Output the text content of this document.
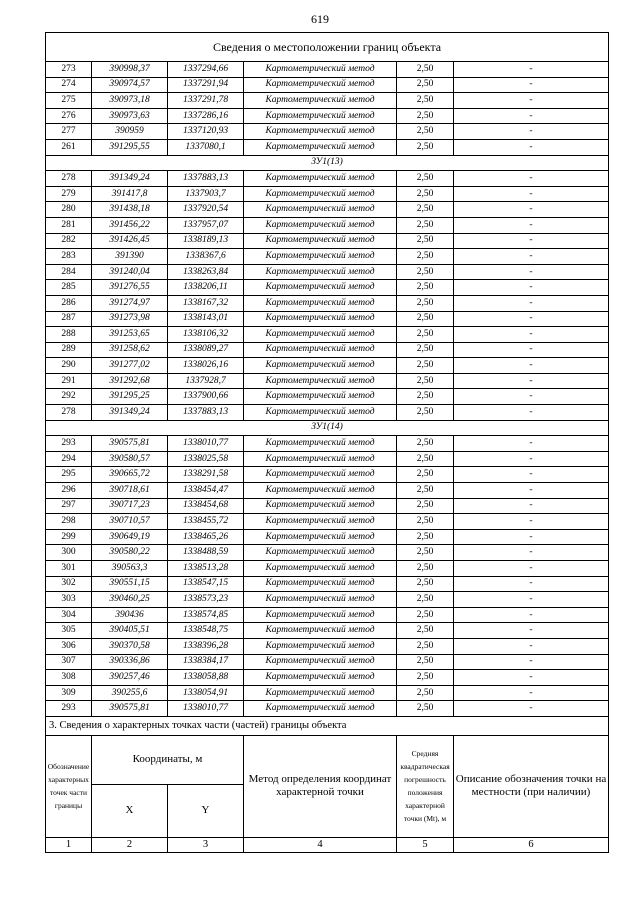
619
Сведения о местоположении границ объекта					
273	390998,37	1337294,66	Картометрический метод	2,50	-
274	390974,57	1337291,94	Картометрический метод	2,50	-
275	390973,18	1337291,78	Картометрический метод	2,50	-
276	390973,63	1337286,16	Картометрический метод	2,50	-
277	390959	1337120,93	Картометрический метод	2,50	-
261	391295,55	1337080,1	Картометрический метод	2,50	-
ЗУ1(13)					
278	391349,24	1337883,13	Картометрический метод	2,50	-
279	391417,8	1337903,7	Картометрический метод	2,50	-
280	391438,18	1337920,54	Картометрический метод	2,50	-
281	391456,22	1337957,07	Картометрический метод	2,50	-
282	391426,45	1338189,13	Картометрический метод	2,50	-
283	391390	1338367,6	Картометрический метод	2,50	-
284	391240,04	1338263,84	Картометрический метод	2,50	-
285	391276,55	1338206,11	Картометрический метод	2,50	-
286	391274,97	1338167,32	Картометрический метод	2,50	-
287	391273,98	1338143,01	Картометрический метод	2,50	-
288	391253,65	1338106,32	Картометрический метод	2,50	-
289	391258,62	1338089,27	Картометрический метод	2,50	-
290	391277,02	1338026,16	Картометрический метод	2,50	-
291	391292,68	1337928,7	Картометрический метод	2,50	-
292	391295,25	1337900,66	Картометрический метод	2,50	-
278	391349,24	1337883,13	Картометрический метод	2,50	-
ЗУ1(14)					
293	390575,81	1338010,77	Картометрический метод	2,50	-
294	390580,57	1338025,58	Картометрический метод	2,50	-
295	390665,72	1338291,58	Картометрический метод	2,50	-
296	390718,61	1338454,47	Картометрический метод	2,50	-
297	390717,23	1338454,68	Картометрический метод	2,50	-
298	390710,57	1338455,72	Картометрический метод	2,50	-
299	390649,19	1338465,26	Картометрический метод	2,50	-
300	390580,22	1338488,59	Картометрический метод	2,50	-
301	390563,3	1338513,28	Картометрический метод	2,50	-
302	390551,15	1338547,15	Картометрический метод	2,50	-
303	390460,25	1338573,23	Картометрический метод	2,50	-
304	390436	1338574,85	Картометрический метод	2,50	-
305	390405,51	1338548,75	Картометрический метод	2,50	-
306	390370,58	1338396,28	Картометрический метод	2,50	-
307	390336,86	1338384,17	Картометрический метод	2,50	-
308	390257,46	1338058,88	Картометрический метод	2,50	-
309	390255,6	1338054,91	Картометрический метод	2,50	-
293	390575,81	1338010,77	Картометрический метод	2,50	-
3. Сведения о характерных точках части (частей) границы объекта					
Обозначение характерных точек части границы	Координаты, м		Метод определения координат характерной точки	Средняя квадратическая погрешность положения характерной точки (Mt), м	Описание обозначения точки на местности (при наличии)
	X	Y			
1	2	3	4	5	6
